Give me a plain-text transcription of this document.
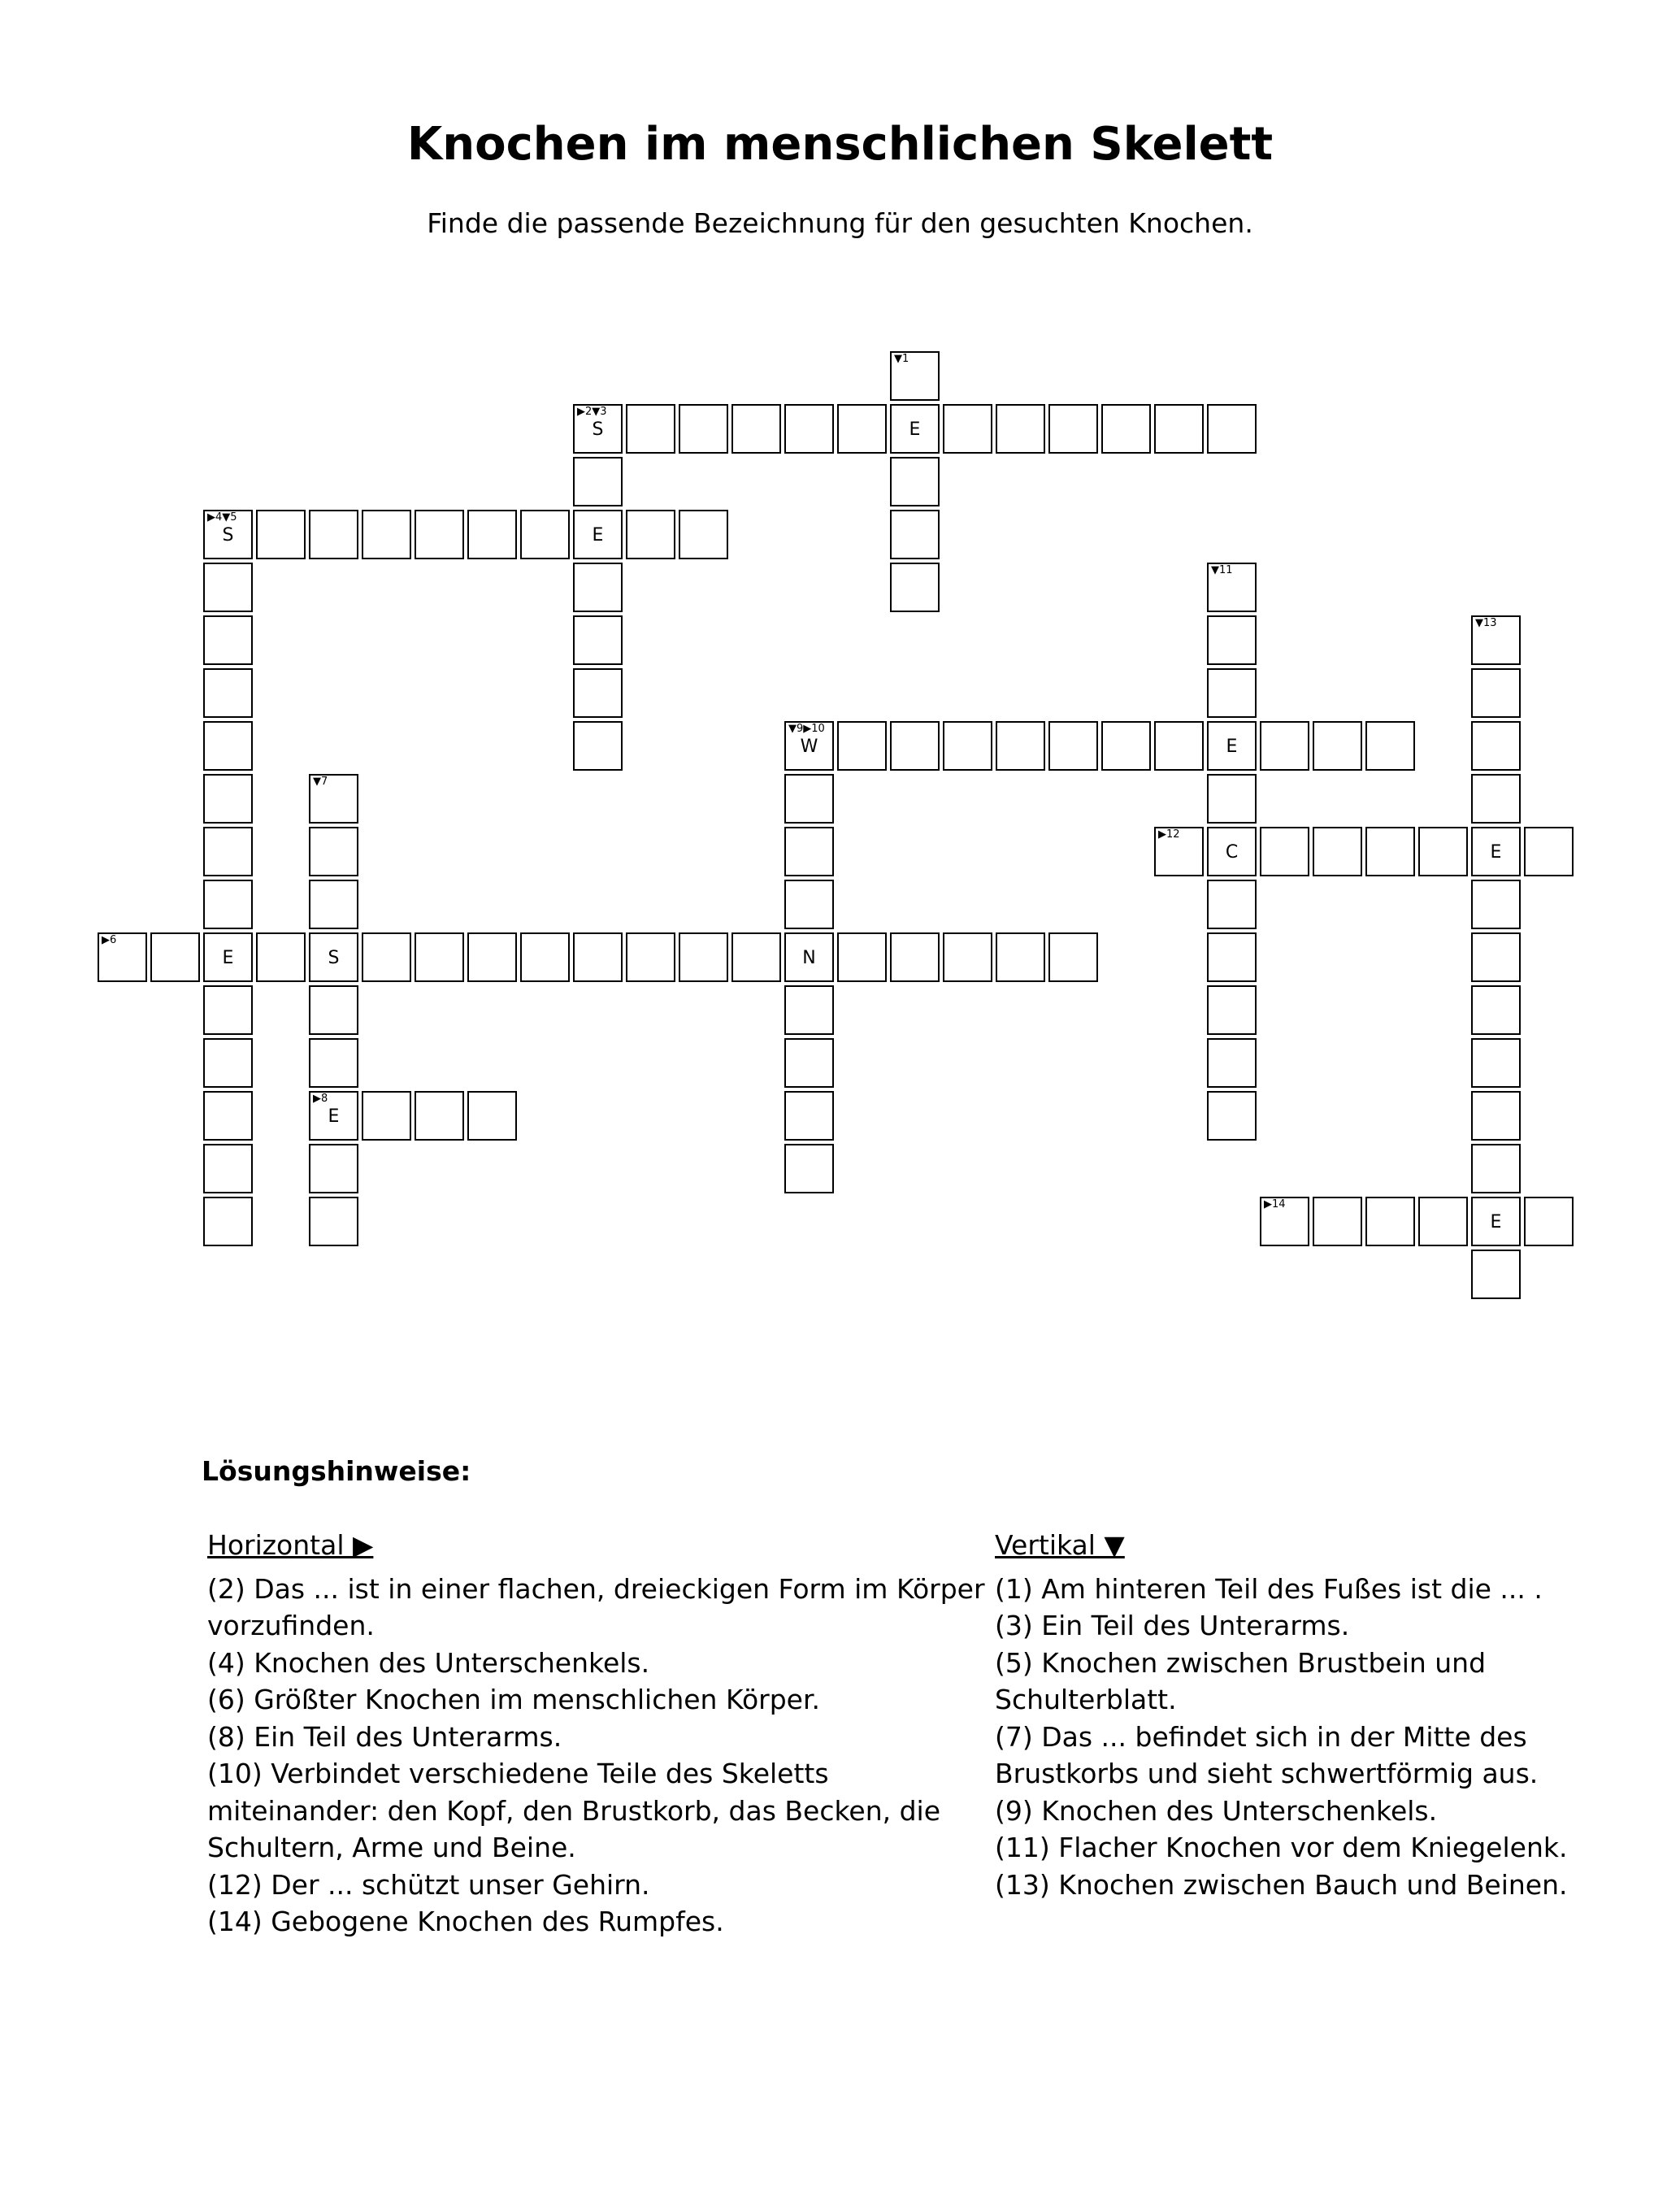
Knochen im menschlichen Skelett
Finde die passende Bezeichnung für den gesuchten Knochen.
▼1
▶2▼3
S	E
▶4▼5
S	E
▼11
▼13
▼9▶10
W	E
▼7
▶12
C	E
▶6
E	S	N
▶8
E
▶14
E
Lösungshinweise:
Horizontal ▶
(2) Das ... ist in einer flachen, dreieckigen Form im Körper vorzufinden.
(4) Knochen des Unterschenkels.
(6) Größter Knochen im menschlichen Körper.
(8) Ein Teil des Unterarms.
(10) Verbindet verschiedene Teile des Skeletts miteinander: den Kopf, den Brustkorb, das Becken, die Schultern, Arme und Beine.
(12) Der ... schützt unser Gehirn.
(14) Gebogene Knochen des Rumpfes.
Vertikal ▼
(1) Am hinteren Teil des Fußes ist die ... .
(3) Ein Teil des Unterarms.
(5) Knochen zwischen Brustbein und Schulterblatt.
(7) Das ... befindet sich in der Mitte des Brustkorbs und sieht schwertförmig aus.
(9) Knochen des Unterschenkels.
(11) Flacher Knochen vor dem Kniegelenk.
(13) Knochen zwischen Bauch und Beinen.
